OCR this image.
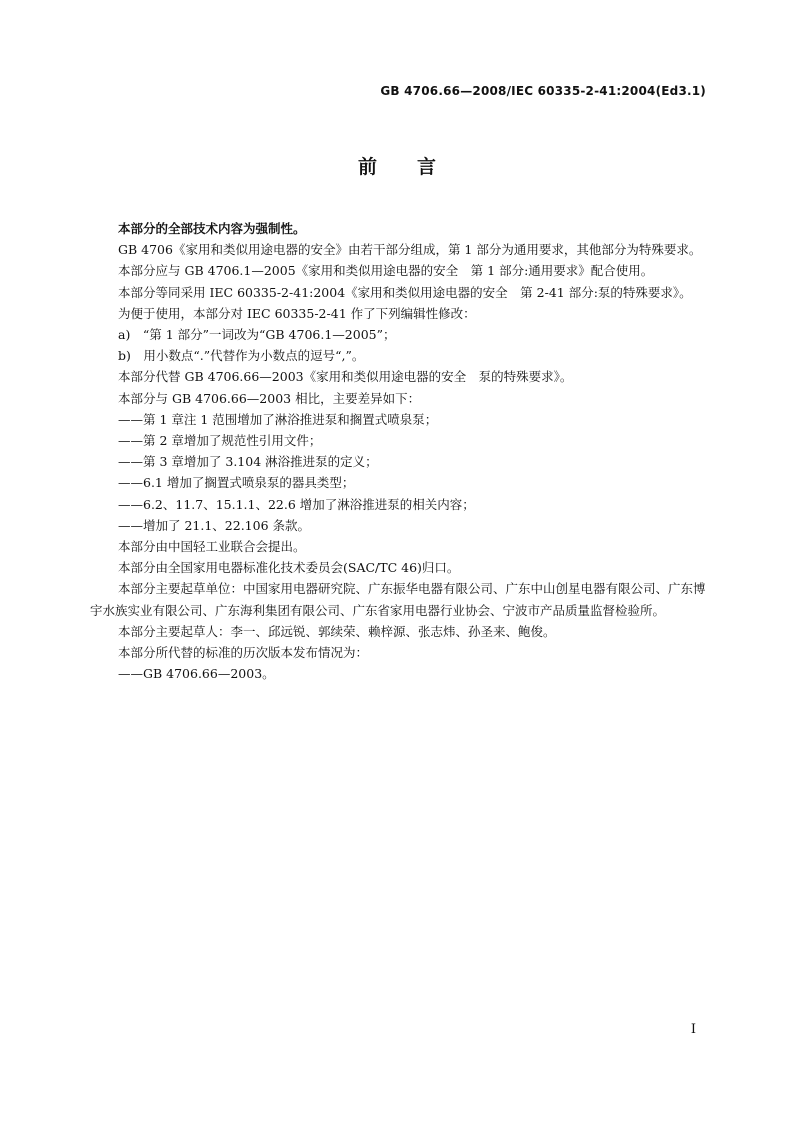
GB 4706.66—2008/IEC 60335-2-41:2004(Ed3.1)
前言

本部分的全部技术内容为强制性。

GB 4706《家用和类似用途电器的安全》由若干部分组成，第 1 部分为通用要求，其他部分为特殊要求。

本部分应与 GB 4706.1—2005《家用和类似用途电器的安全　第 1 部分:通用要求》配合使用。

本部分等同采用 IEC 60335-2-41:2004《家用和类似用途电器的安全　第 2-41 部分:泵的特殊要求》。

为便于使用，本部分对 IEC 60335-2-41 作了下列编辑性修改：

a)　“第 1 部分”一词改为“GB 4706.1—2005”；

b)　用小数点“.”代替作为小数点的逗号“,”。

本部分代替 GB 4706.66—2003《家用和类似用途电器的安全　泵的特殊要求》。

本部分与 GB 4706.66—2003 相比，主要差异如下：

——第 1 章注 1 范围增加了淋浴推进泵和搁置式喷泉泵；

——第 2 章增加了规范性引用文件；

——第 3 章增加了 3.104 淋浴推进泵的定义；

——6.1 增加了搁置式喷泉泵的器具类型；

——6.2、11.7、15.1.1、22.6 增加了淋浴推进泵的相关内容；

——增加了 21.1、22.106 条款。

本部分由中国轻工业联合会提出。

本部分由全国家用电器标准化技术委员会(SAC/TC 46)归口。

本部分主要起草单位：中国家用电器研究院、广东振华电器有限公司、广东中山创星电器有限公司、广东博宇水族实业有限公司、广东海利集团有限公司、广东省家用电器行业协会、宁波市产品质量监督检验所。

本部分主要起草人：李一、邱远锐、郭续荣、赖梓源、张志炜、孙圣来、鲍俊。

本部分所代替的标准的历次版本发布情况为：

——GB 4706.66—2003。

I
